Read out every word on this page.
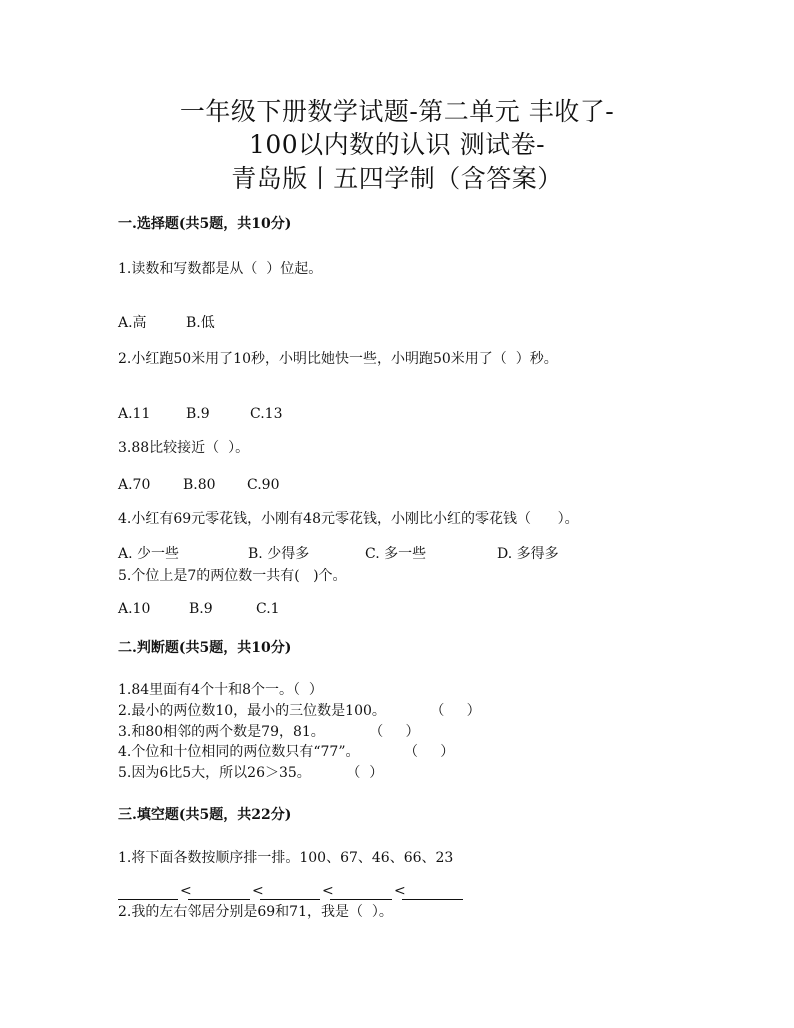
一年级下册数学试题-第二单元 丰收了-
100以内数的认识 测试卷-
青岛版丨五四学制（含答案）
一.选择题(共5题，共10分)
1.读数和写数都是从（  ）位起。
A.高	B.低
2.小红跑50米用了10秒，小明比她快一些，小明跑50米用了（  ）秒。
A.11	B.9	C.13
3.88比较接近（  ）。
A.70 B.80 C.90
4.小红有69元零花钱，小刚有48元零花钱，小刚比小红的零花钱（      ）。
A. 少一些	B. 少得多	C. 多一些	D. 多得多
5.个位上是7的两位数一共有(   )个。
A.10	B.9	C.1
二.判断题(共5题，共10分)
1.84里面有4个十和8个一。（  ）
2.最小的两位数10，最小的三位数是100。          （     ）
3.和80相邻的两个数是79，81。          （     ）
4.个位和十位相同的两位数只有“77”。          （     ）
5.因为6比5大，所以26＞35。        （  ）
三.填空题(共5题，共22分)
1.将下面各数按顺序排一排。100、67、46、66、23
<	<	<	<
2.我的左右邻居分别是69和71，我是（  ）。
